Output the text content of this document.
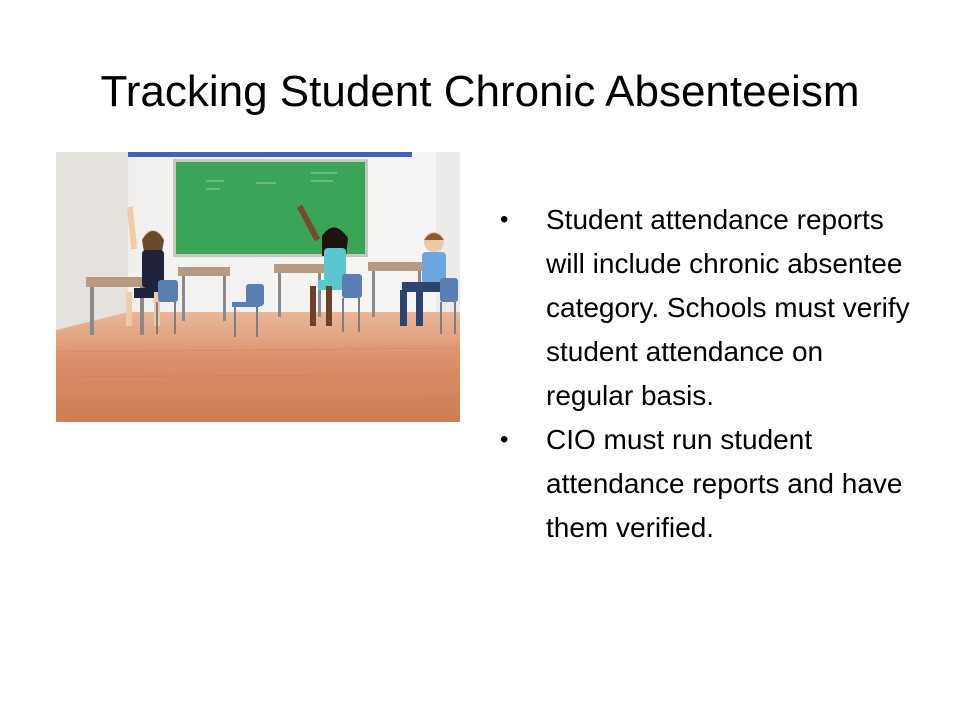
Tracking Student Chronic Absenteeism
• Student attendance reports will include chronic absentee category. Schools must verify student attendance on regular basis.
• CIO must run student attendance reports and have them verified.
